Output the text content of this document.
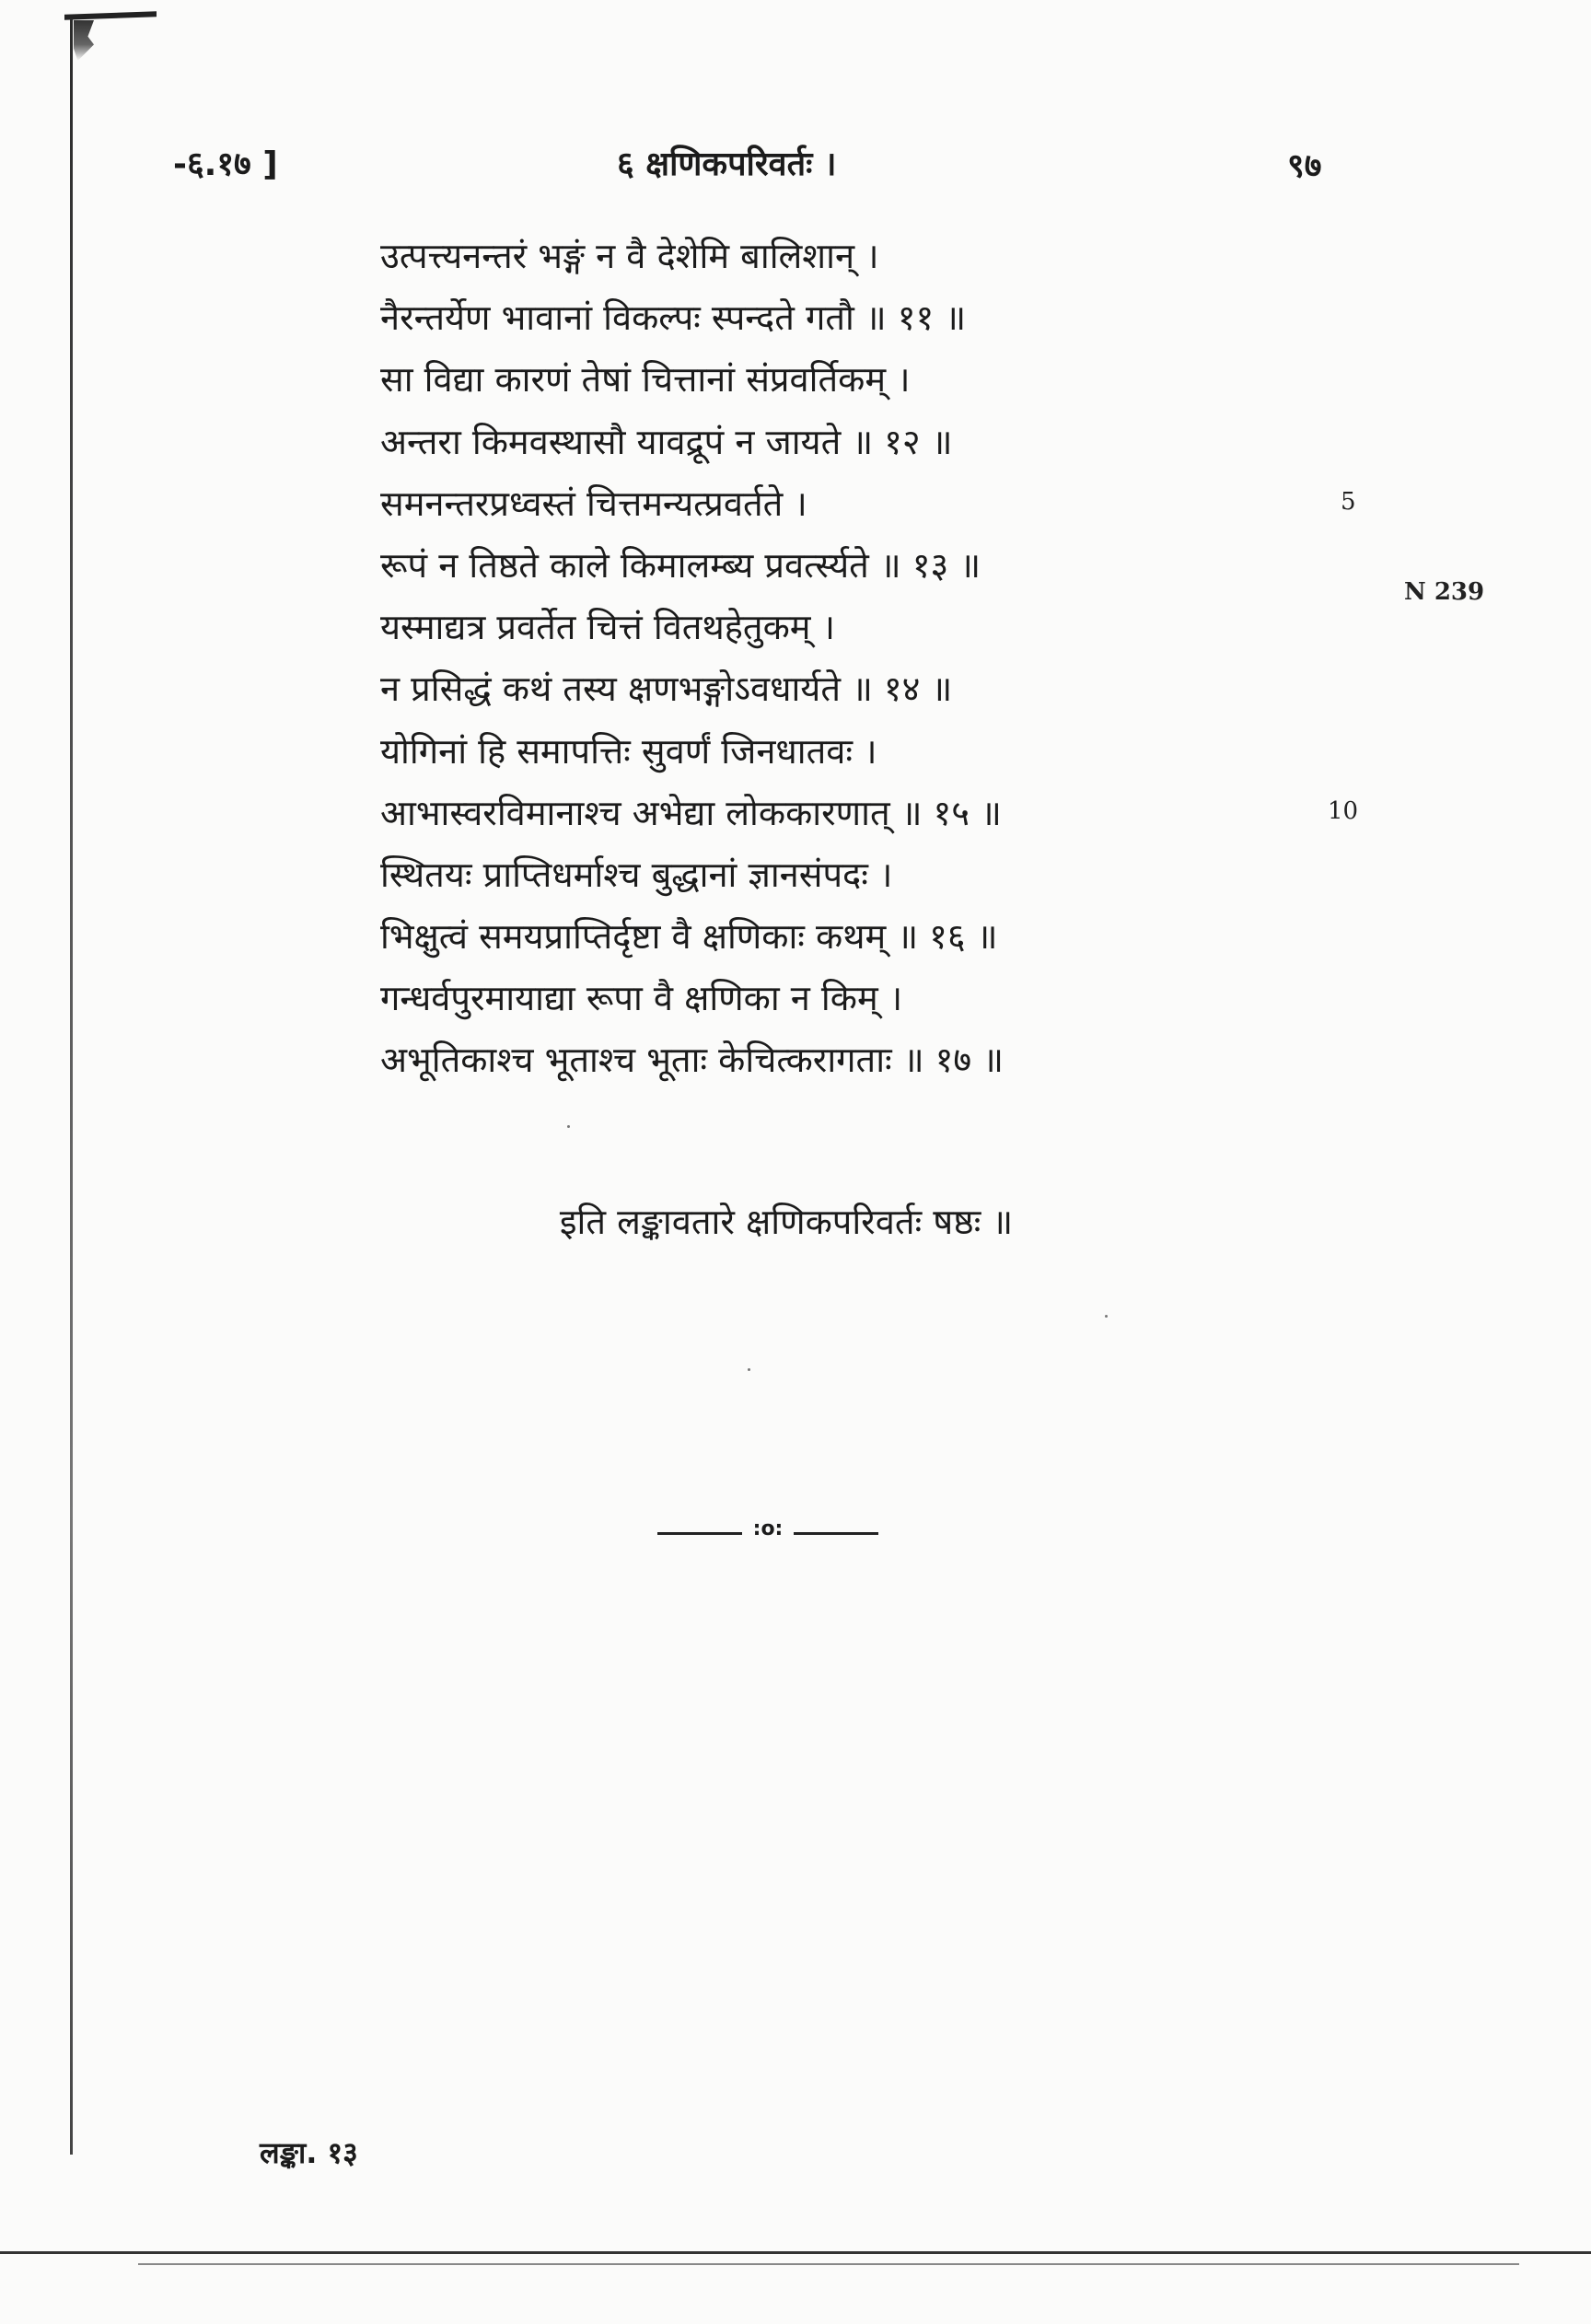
-६.१७ ]	६ क्षणिकपरिवर्तः ।	९७
उत्पत्त्यनन्तरं भङ्गं न वै देशेमि बालिशान् ।
नैरन्तर्येण भावानां विकल्पः स्पन्दते गतौ ॥ ११ ॥
सा विद्या कारणं तेषां चित्तानां संप्रवर्तिकम् ।
अन्तरा किमवस्थासौ यावद्रूपं न जायते ॥ १२ ॥
समनन्तरप्रध्वस्तं चित्तमन्यत्प्रवर्तते ।
रूपं न तिष्ठते काले किमालम्ब्य प्रवर्त्स्यते ॥ १३ ॥
यस्माद्यत्र प्रवर्तेत चित्तं वितथहेतुकम् ।
न प्रसिद्धं कथं तस्य क्षणभङ्गोऽवधार्यते ॥ १४ ॥
योगिनां हि समापत्तिः सुवर्णं जिनधातवः ।
आभास्वरविमानाश्च अभेद्या लोककारणात् ॥ १५ ॥
स्थितयः प्राप्तिधर्माश्च बुद्धानां ज्ञानसंपदः ।
भिक्षुत्वं समयप्राप्तिर्दृष्टा वै क्षणिकाः कथम् ॥ १६ ॥
गन्धर्वपुरमायाद्या रूपा वै क्षणिका न किम् ।
अभूतिकाश्च भूताश्च भूताः केचित्करागताः ॥ १७ ॥
5
N 239
10
इति लङ्कावतारे क्षणिकपरिवर्तः षष्ठः ॥
:o:
लङ्का. १३
